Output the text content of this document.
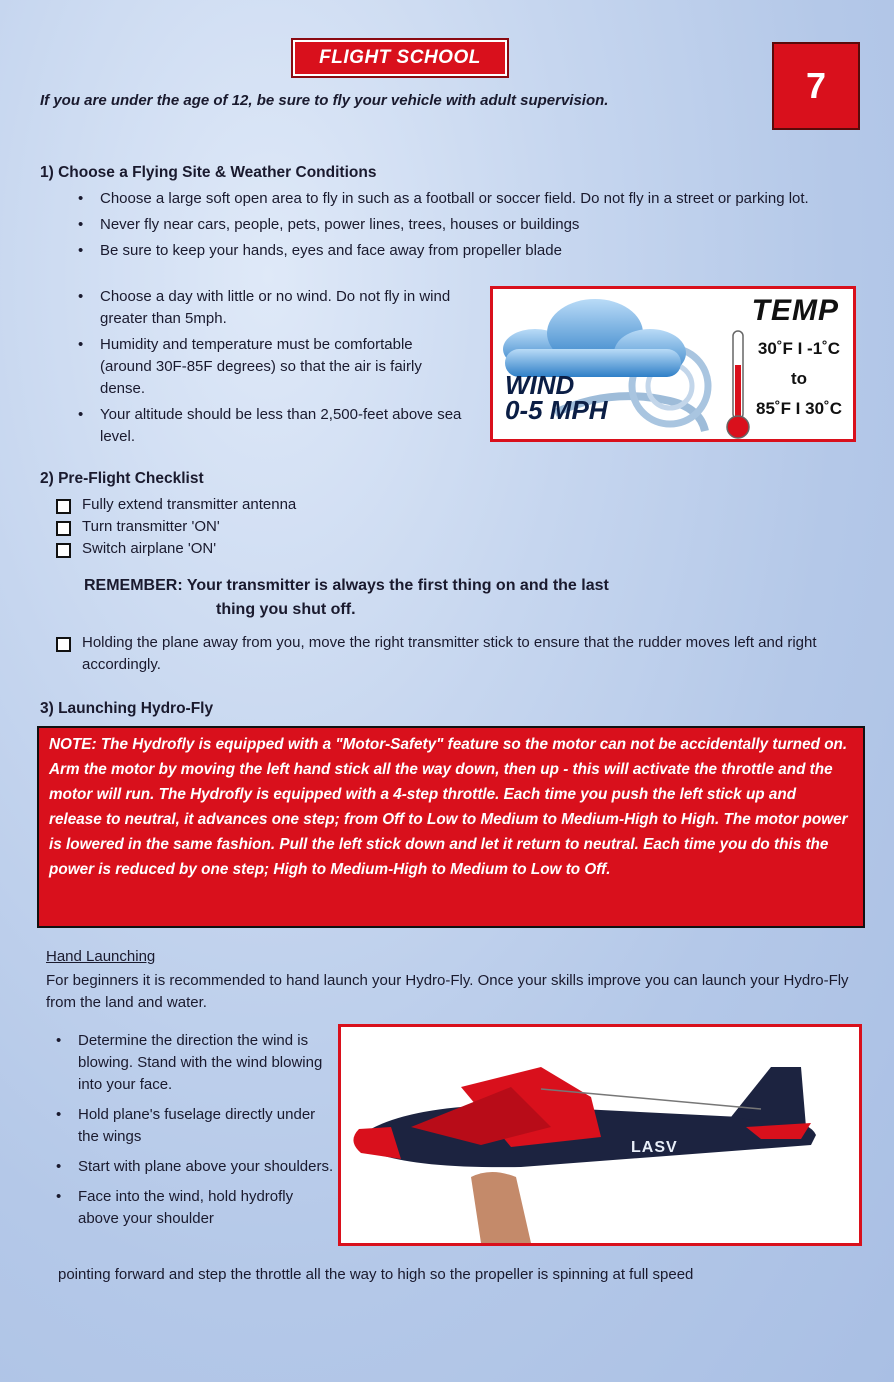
FLIGHT SCHOOL
7
If you are under the age of 12, be sure to fly your vehicle with adult supervision.
1) Choose a Flying Site & Weather Conditions
• Choose a large soft open area to fly in such as a football or soccer field. Do not fly in a street or parking lot.
• Never fly near cars, people, pets, power lines, trees, houses or buildings
• Be sure to keep your hands, eyes and face away from propeller blade
• Choose a day with little or no wind. Do not fly in wind greater than 5mph.
• Humidity and temperature must be comfortable (around 30F-85F degrees) so that the air is fairly dense.
• Your altitude should be less than 2,500-feet above sea level.
WIND
0-5 MPH
TEMP
30˚F I -1˚C
to
85˚F I 30˚C
2) Pre-Flight Checklist
Fully extend transmitter antenna
Turn transmitter 'ON'
Switch airplane 'ON'
REMEMBER: Your transmitter is always the first thing on and the last
thing you shut off.
Holding the plane away from you, move the right transmitter stick to ensure that the rudder moves left and right accordingly.
3) Launching Hydro-Fly
NOTE: The Hydrofly is equipped with a "Motor-Safety" feature so the motor can not be accidentally turned on. Arm the motor by moving the left hand stick all the way down, then up - this will activate the throttle and the motor will run. The Hydrofly is equipped with a 4-step throttle. Each time you push the left stick up and release to neutral, it advances one step; from Off to Low to Medium to Medium-High to High. The motor power is lowered in the same fashion. Pull the left stick down and let it return to neutral. Each time you do this the power is reduced by one step; High to Medium-High to Medium to Low to Off.
Hand Launching
For beginners it is recommended to hand launch your Hydro-Fly. Once your skills improve you can launch your Hydro-Fly from the land and water.
• Determine the direction the wind is blowing. Stand with the wind blowing into your face.
• Hold plane's fuselage directly under the wings
• Start with plane above your shoulders.
• Face into the wind, hold hydrofly above your shoulder
pointing forward and step the throttle all the way to high so the propeller is spinning at full speed
LASV
